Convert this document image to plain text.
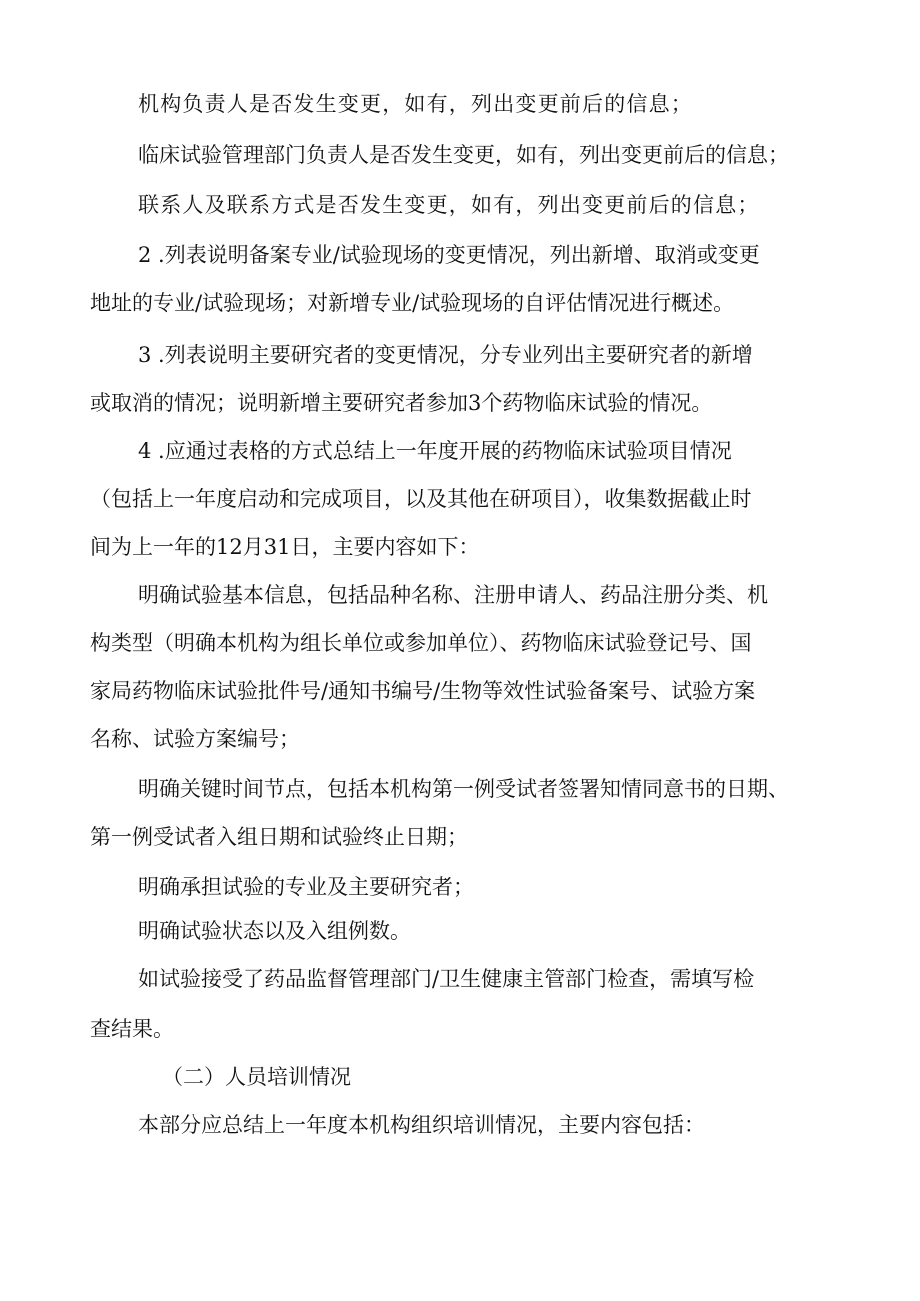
机构负责人是否发生变更，如有，列出变更前后的信息；

临床试验管理部门负责人是否发生变更，如有，列出变更前后的信息；

联系人及联系方式是否发生变更，如有，列出变更前后的信息；

2 .列表说明备案专业/试验现场的变更情况，列出新增、取消或变更

地址的专业/试验现场；对新增专业/试验现场的自评估情况进行概述。

3 .列表说明主要研究者的变更情况，分专业列出主要研究者的新增

或取消的情况；说明新增主要研究者参加3个药物临床试验的情况。

4 .应通过表格的方式总结上一年度开展的药物临床试验项目情况

（包括上一年度启动和完成项目，以及其他在研项目），收集数据截止时

间为上一年的12月31日，主要内容如下：

明确试验基本信息，包括品种名称、注册申请人、药品注册分类、机

构类型（明确本机构为组长单位或参加单位）、药物临床试验登记号、国

家局药物临床试验批件号/通知书编号/生物等效性试验备案号、试验方案

名称、试验方案编号；

明确关键时间节点，包括本机构第一例受试者签署知情同意书的日期、

第一例受试者入组日期和试验终止日期；

明确承担试验的专业及主要研究者；

明确试验状态以及入组例数。

如试验接受了药品监督管理部门/卫生健康主管部门检查，需填写检

查结果。

（二）人员培训情况

本部分应总结上一年度本机构组织培训情况，主要内容包括：
